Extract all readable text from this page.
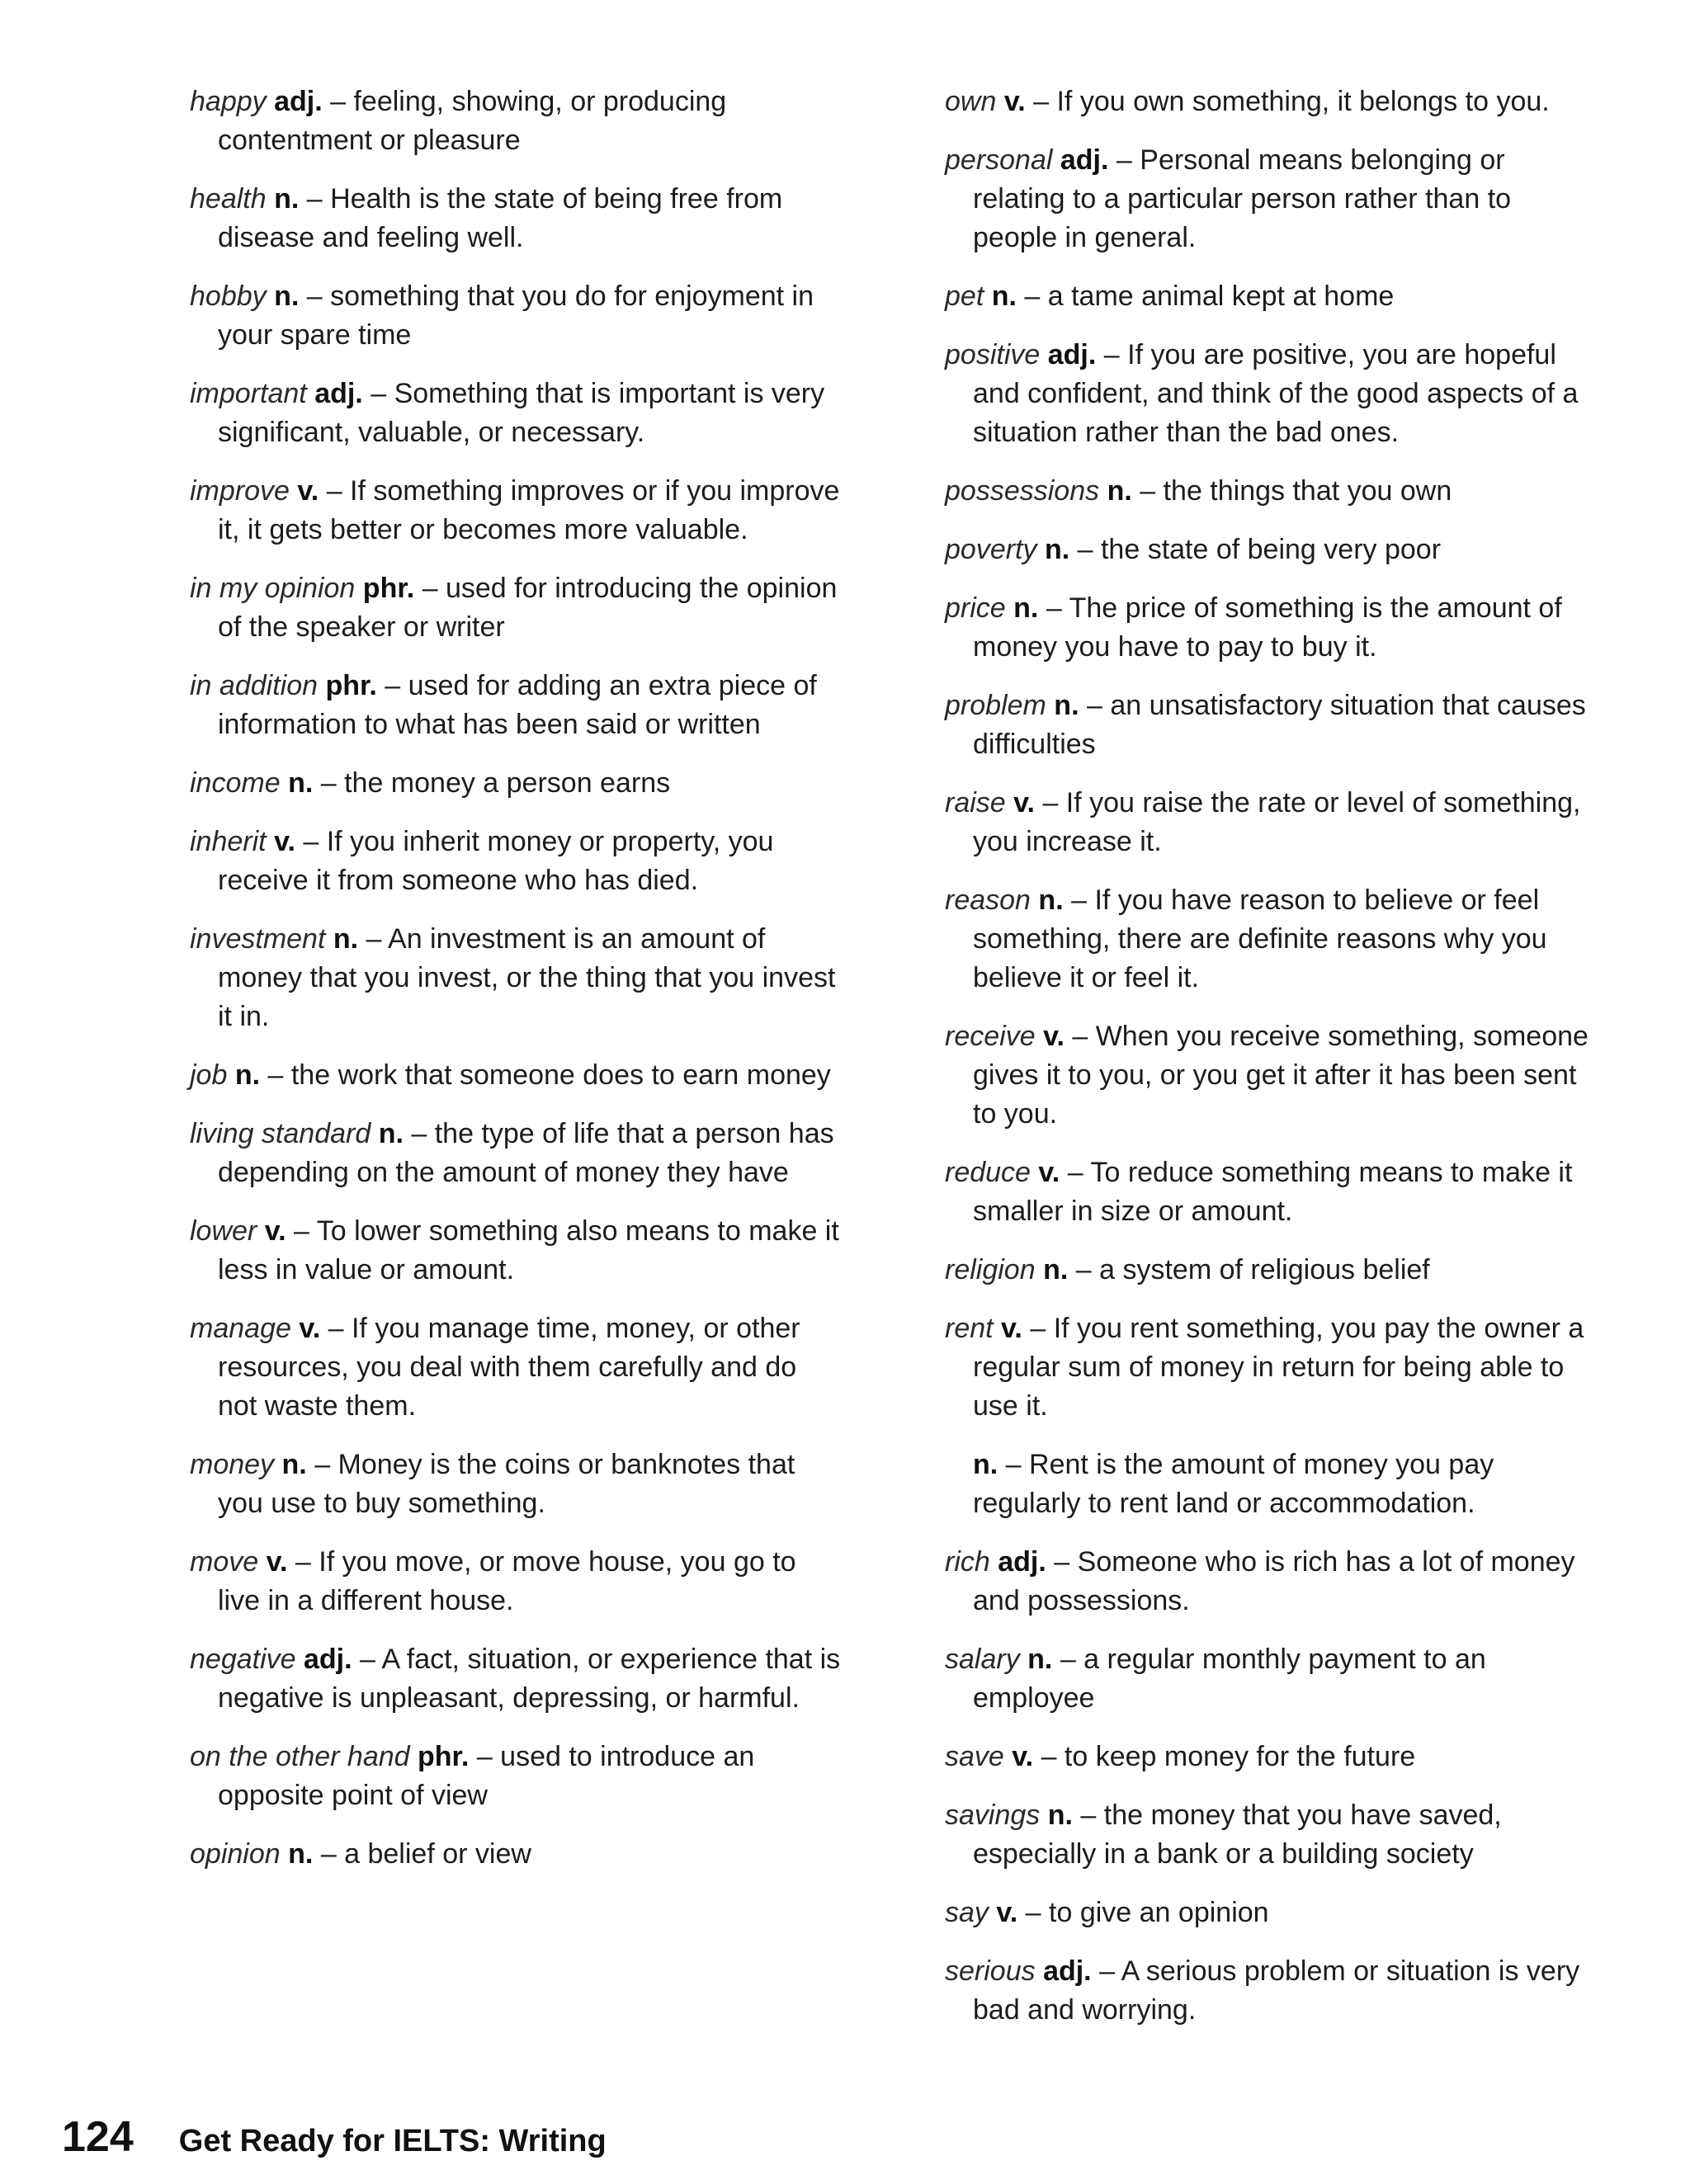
happy adj. – feeling, showing, or producing contentment or pleasure
health n. – Health is the state of being free from disease and feeling well.
hobby n. – something that you do for enjoyment in your spare time
important adj. – Something that is important is very significant, valuable, or necessary.
improve v. – If something improves or if you improve it, it gets better or becomes more valuable.
in my opinion phr. – used for introducing the opinion of the speaker or writer
in addition phr. – used for adding an extra piece of information to what has been said or written
income n. – the money a person earns
inherit v. – If you inherit money or property, you receive it from someone who has died.
investment n. – An investment is an amount of money that you invest, or the thing that you invest it in.
job n. – the work that someone does to earn money
living standard n. – the type of life that a person has depending on the amount of money they have
lower v. – To lower something also means to make it less in value or amount.
manage v. – If you manage time, money, or other resources, you deal with them carefully and do not waste them.
money n. – Money is the coins or banknotes that you use to buy something.
move v. – If you move, or move house, you go to live in a different house.
negative adj. – A fact, situation, or experience that is negative is unpleasant, depressing, or harmful.
on the other hand phr. – used to introduce an opposite point of view
opinion n. – a belief or view
own v. – If you own something, it belongs to you.
personal adj. – Personal means belonging or relating to a particular person rather than to people in general.
pet n. – a tame animal kept at home
positive adj. – If you are positive, you are hopeful and confident, and think of the good aspects of a situation rather than the bad ones.
possessions n. – the things that you own
poverty n. – the state of being very poor
price n. – The price of something is the amount of money you have to pay to buy it.
problem n. – an unsatisfactory situation that causes difficulties
raise v. – If you raise the rate or level of something, you increase it.
reason n. – If you have reason to believe or feel something, there are definite reasons why you believe it or feel it.
receive v. – When you receive something, someone gives it to you, or you get it after it has been sent to you.
reduce v. – To reduce something means to make it smaller in size or amount.
religion n. – a system of religious belief
rent v. – If you rent something, you pay the owner a regular sum of money in return for being able to use it.
n. – Rent is the amount of money you pay regularly to rent land or accommodation.
rich adj. – Someone who is rich has a lot of money and possessions.
salary n. – a regular monthly payment to an employee
save v. – to keep money for the future
savings n. – the money that you have saved, especially in a bank or a building society
say v. – to give an opinion
serious adj. – A serious problem or situation is very bad and worrying.
124 Get Ready for IELTS: Writing
